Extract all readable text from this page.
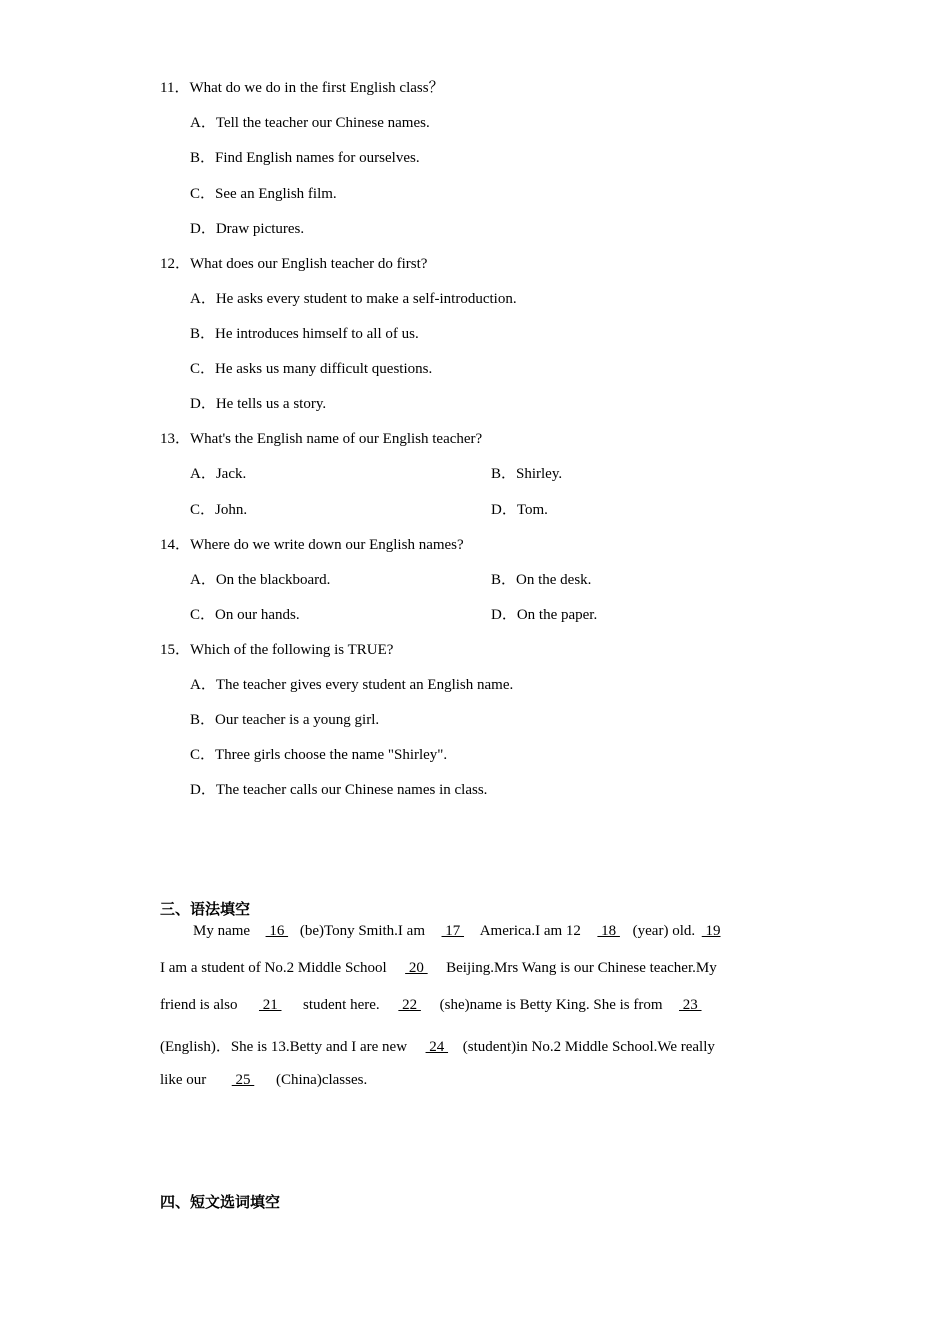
11．What do we do in the first English class？
A．Tell the teacher our Chinese names.
B．Find English names for ourselves.
C．See an English film.
D．Draw pictures.
12．What does our English teacher do first?
A．He asks every student to make a self-introduction.
B．He introduces himself to all of us.
C．He asks us many difficult questions.
D．He tells us a story.
13．What's the English name of our English teacher?
A．Jack.	B．Shirley.
C．John.	D．Tom.
14．Where do we write down our English names?
A．On the blackboard.	B．On the desk.
C．On our hands.	D．On the paper.
15．Which of the following is TRUE?
A．The teacher gives every student an English name.
B．Our teacher is a young girl.
C．Three girls choose the name "Shirley".
D．The teacher calls our Chinese names in class.
三、语法填空
My name  16 (be)Tony Smith.I am  17  America.I am 12  18 (year) old. 19
I am a student of No.2 Middle School  20  Beijing.Mrs Wang is our Chinese teacher.My
friend is also  21  student here. 22 (she)name is Betty King. She is from  23
(English)．She is 13.Betty and I are new  24 (student)in No.2 Middle School.We really
like our  25 (China)classes.
四、短文选词填空
